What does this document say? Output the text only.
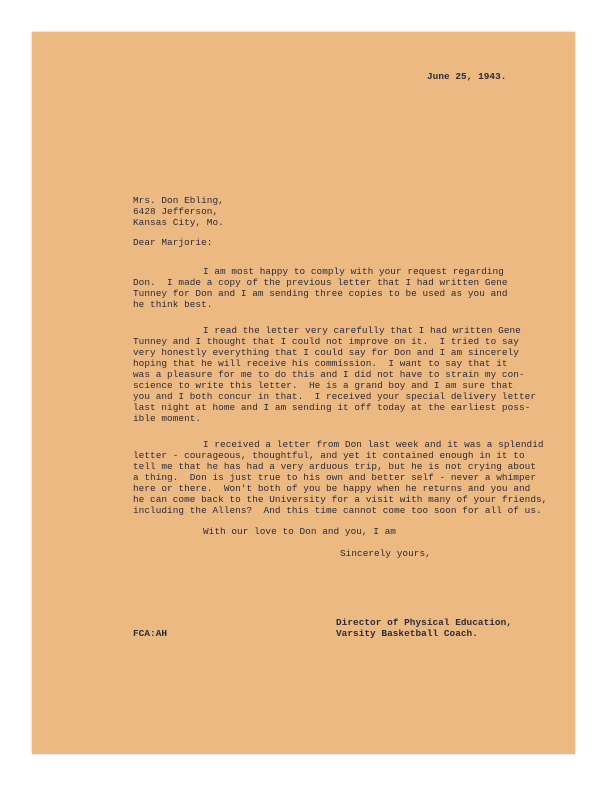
June 25, 1943.
Mrs. Don Ebling,
6428 Jefferson,
Kansas City, Mo.
Dear Marjorie:
I am most happy to comply with your request regarding
Don.  I made a copy of the previous letter that I had written Gene
Tunney for Don and I am sending three copies to be used as you and
he think best.
I read the letter very carefully that I had written Gene
Tunney and I thought that I could not improve on it.  I tried to say
very honestly everything that I could say for Don and I am sincerely
hoping that he will receive his commission.  I want to say that it
was a pleasure for me to do this and I did not have to strain my con-
science to write this letter.  He is a grand boy and I am sure that
you and I both concur in that.  I received your special delivery letter
last night at home and I am sending it off today at the earliest poss-
ible moment.
I received a letter from Don last week and it was a splendid
letter - courageous, thoughtful, and yet it contained enough in it to
tell me that he has had a very arduous trip, but he is not crying about
a thing.  Don is just true to his own and better self - never a whimper
here or there.  Won't both of you be happy when he returns and you and
he can come back to the University for a visit with many of your friends,
including the Allens?  And this time cannot come too soon for all of us.
With our love to Don and you, I am
Sincerely yours,
FCA:AH
Director of Physical Education,
Varsity Basketball Coach.
